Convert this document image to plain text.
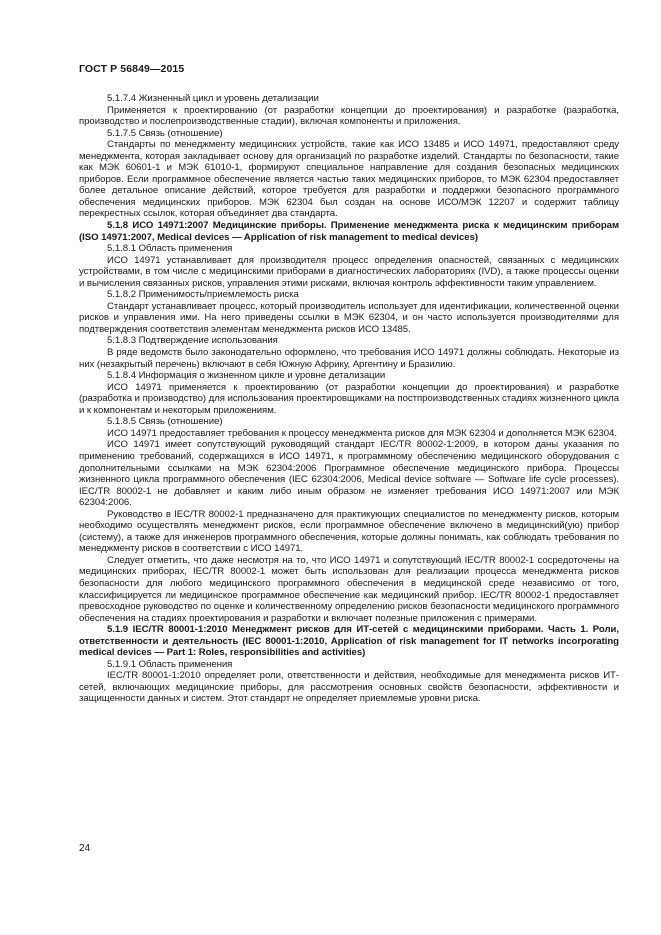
ГОСТ Р 56849—2015

5.1.7.4 Жизненный цикл и уровень детализации

Применяется к проектированию (от разработки концепции до проектирования) и разработке (разработка, производство и послепроизводственные стадии), включая компоненты и приложения.

5.1.7.5 Связь (отношение)

Стандарты по менеджменту медицинских устройств, такие как ИСО 13485 и ИСО 14971, предоставляют среду менеджмента, которая закладывает основу для организаций по разработке изделий. Стандарты по безопасности, такие как МЭК 60601-1 и МЭК 61010-1, формируют специальное направление для создания безопасных медицинских приборов. Если программное обеспечение является частью таких медицинских приборов, то МЭК 62304 предоставляет более детальное описание действий, которое требуется для разработки и поддержки безопасного программного обеспечения медицинских приборов. МЭК 62304 был создан на основе ИСО/МЭК 12207 и содержит таблицу перекрестных ссылок, которая объединяет два стандарта.

5.1.8 ИСО 14971:2007 Медицинские приборы. Применение менеджмента риска к медицинским приборам (ISO 14971:2007, Medical devices — Application of risk management to medical devices)

5.1.8.1 Область применения

ИСО 14971 устанавливает для производителя процесс определения опасностей, связанных с медицинских устройствами, в том числе с медицинскими приборами в диагностических лабораториях (IVD), а также процессы оценки и вычисления связанных рисков, управления этими рисками, включая контроль эффективности таким управлением.

5.1.8.2 Применимость/приемлемость риска

Стандарт устанавливает процесс, который производитель использует для идентификации, количественной оценки рисков и управления ими. На него приведены ссылки в МЭК 62304, и он часто используется производителями для подтверждения соответствия элементам менеджмента рисков ИСО 13485.

5.1.8.3 Подтверждение использования

В ряде ведомств было законодательно оформлено, что требования ИСО 14971 должны соблюдать. Некоторые из них (незакрытый перечень) включают в себя Южную Африку, Аргентину и Бразилию.

5.1.8.4 Информация о жизненном цикле и уровне детализации

ИСО 14971 применяется к проектированию (от разработки концепции до проектирования) и разработке (разработка и производство) для использования проектировщиками на постпроизводственных стадиях жизненного цикла и к компонентам и некоторым приложениям.

5.1.8.5 Связь (отношение)

ИСО 14971 предоставляет требования к процессу менеджмента рисков для МЭК 62304 и дополняется МЭК 62304.

ИСО 14971 имеет сопутствующий руководящий стандарт IEC/TR 80002-1:2009, в котором даны указания по применению требований, содержащихся в ИСО 14971, к программному обеспечению медицинского оборудования с дополнительными ссылками на МЭК 62304:2006 Программное обеспечение медицинского прибора. Процессы жизненного цикла программного обеспечения (IEC 62304:2006, Medical device software — Software life cycle processes). IEC/TR 80002-1 не добавляет и каким либо иным образом не изменяет требования ИСО 14971:2007 или МЭК 62304:2006.

Руководство в IEC/TR 80002-1 предназначено для практикующих специалистов по менеджменту рисков, которым необходимо осуществлять менеджмент рисков, если программное обеспечение включено в медицинский(ую) прибор (систему), а также для инженеров программного обеспечения, которые должны понимать, как соблюдать требования по менеджменту рисков в соответствии с ИСО 14971.

Следует отметить, что даже несмотря на то, что ИСО 14971 и сопутствующий IEC/TR 80002-1 сосредоточены на медицинских приборах, IEC/TR 80002-1 может быть использован для реализации процесса менеджмента рисков безопасности для любого медицинского программного обеспечения в медицинской среде независимо от того, классифицируется ли медицинское программное обеспечение как медицинский прибор. IEC/TR 80002-1 предоставляет превосходное руководство по оценке и количественному определению рисков безопасности медицинского программного обеспечения на стадиях проектирования и разработки и включает полезные приложения с примерами.

5.1.9 IEC/TR 80001-1:2010 Менеджмент рисков для ИТ-сетей с медицинскими приборами. Часть 1. Роли, ответственности и деятельность (IEC 80001-1:2010, Application of risk management for IT networks incorporating medical devices — Part 1: Roles, responsibilities and activities)

5.1.9.1 Область применения

IEC/TR 80001-1:2010 определяет роли, ответственности и действия, необходимые для менеджмента рисков ИТ-сетей, включающих медицинские приборы, для рассмотрения основных свойств безопасности, эффективности и защищенности данных и систем. Этот стандарт не определяет приемлемые уровни риска.

24
